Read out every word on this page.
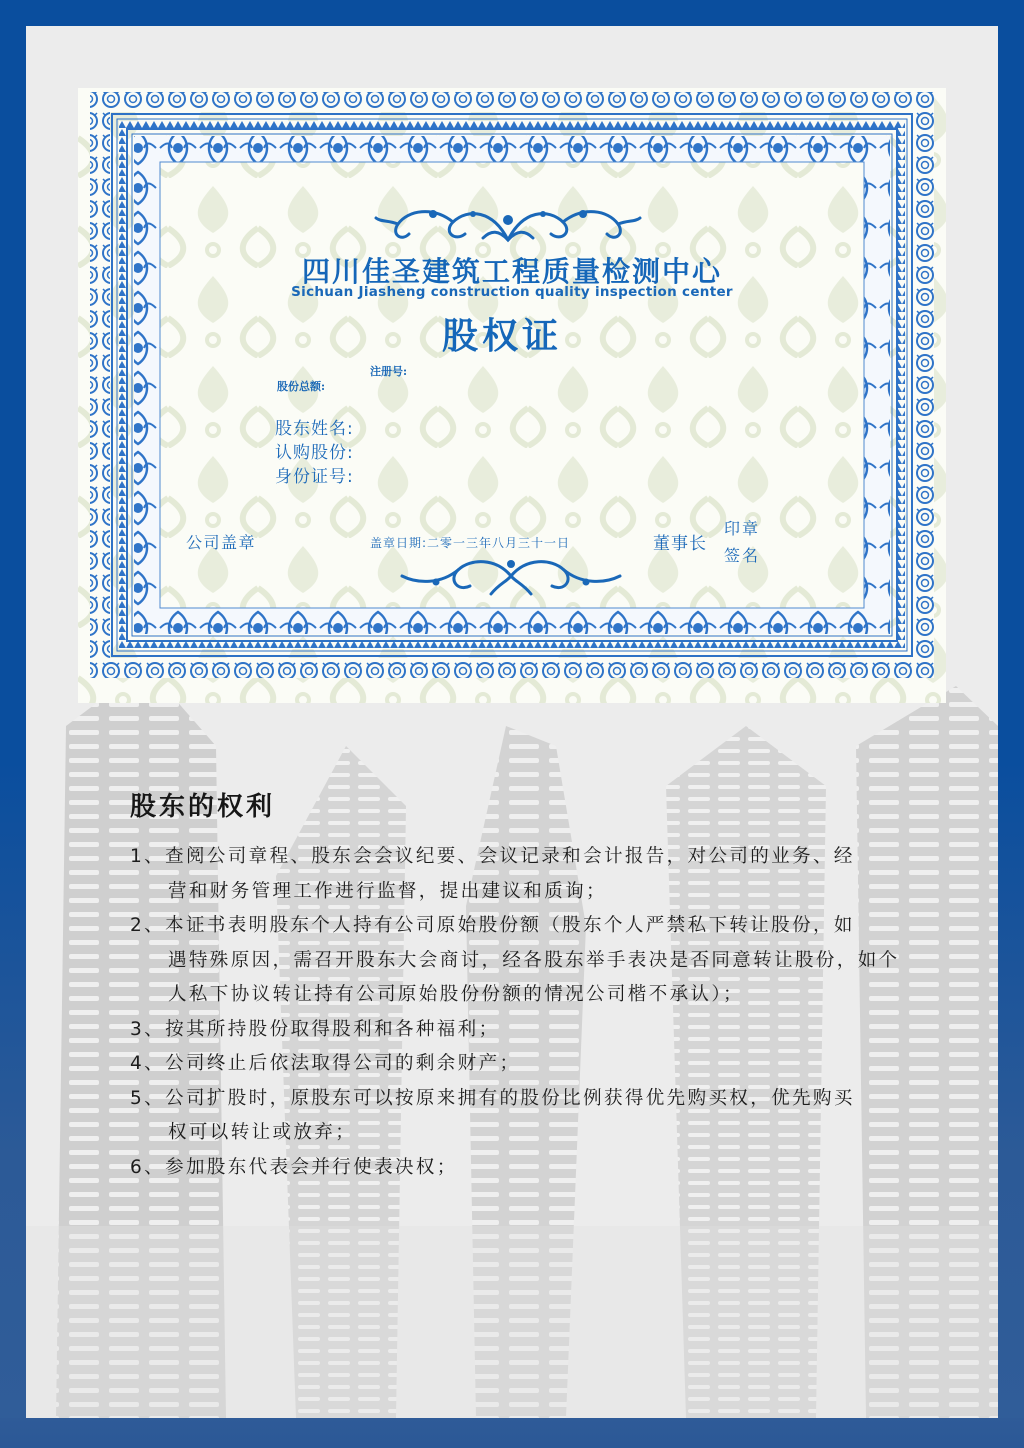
四川佳圣建筑工程质量检测中心
Sichuan Jiasheng construction quality inspection center
股权证
注册号:
股份总额:
股东姓名:
认购股份:
身份证号:
公司盖章	盖章日期:二零一三年八月三十一日	董事长
印章
签名
股东的权利
1、查阅公司章程、股东会会议纪要、会议记录和会计报告，对公司的业务、经
营和财务管理工作进行监督，提出建议和质询；
2、本证书表明股东个人持有公司原始股份额（股东个人严禁私下转让股份，如
遇特殊原因，需召开股东大会商讨，经各股东举手表决是否同意转让股份，如个
人私下协议转让持有公司原始股份份额的情况公司楷不承认）；
3、按其所持股份取得股利和各种福利；
4、公司终止后依法取得公司的剩余财产；
5、公司扩股时，原股东可以按原来拥有的股份比例获得优先购买权，优先购买
权可以转让或放弃；
6、参加股东代表会并行使表决权；
